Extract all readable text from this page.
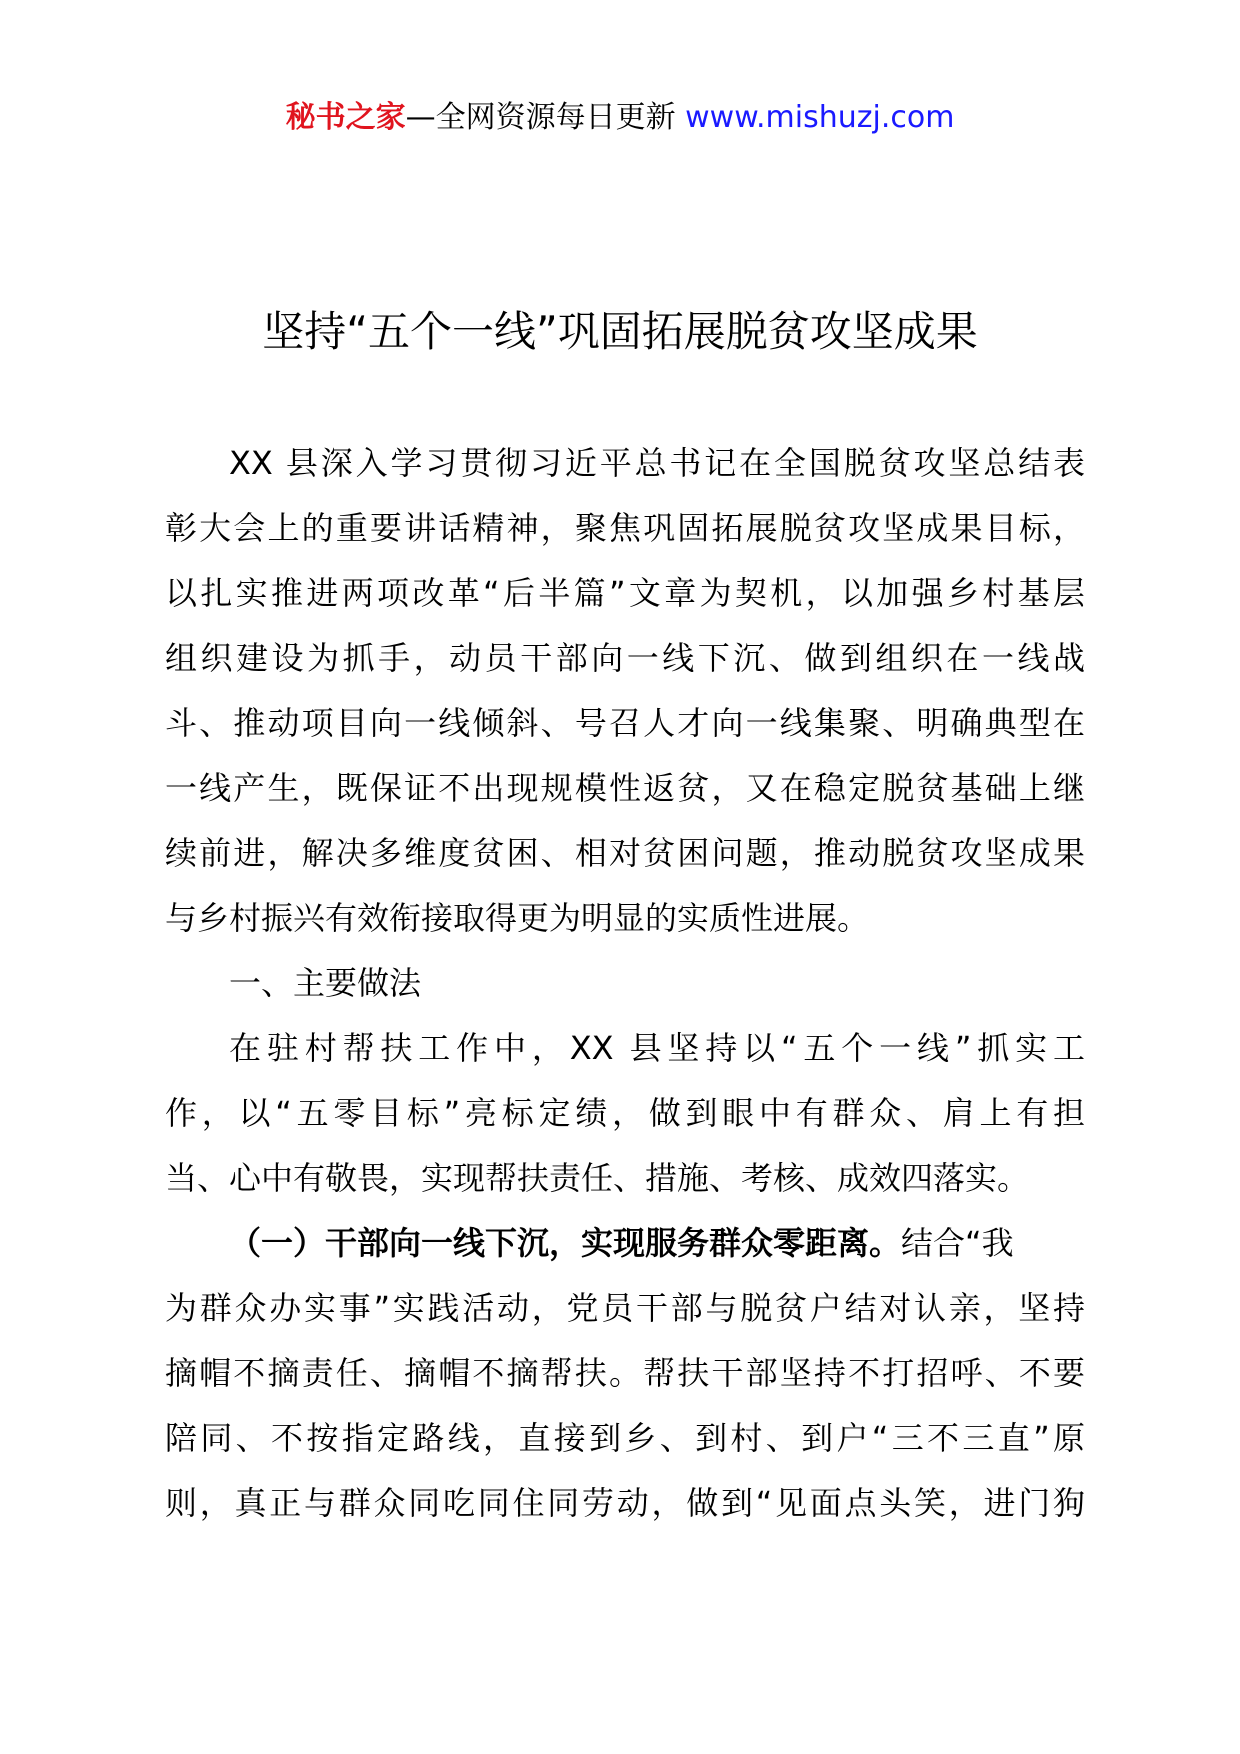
秘书之家—全网资源每日更新 www.mishuzj.com
坚持“五个一线”巩固拓展脱贫攻坚成果
XX 县深入学习贯彻习近平总书记在全国脱贫攻坚总结表
彰大会上的重要讲话精神，聚焦巩固拓展脱贫攻坚成果目标，
以扎实推进两项改革“后半篇”文章为契机，以加强乡村基层
组织建设为抓手，动员干部向一线下沉、做到组织在一线战
斗、推动项目向一线倾斜、号召人才向一线集聚、明确典型在
一线产生，既保证不出现规模性返贫，又在稳定脱贫基础上继
续前进，解决多维度贫困、相对贫困问题，推动脱贫攻坚成果
与乡村振兴有效衔接取得更为明显的实质性进展。
一、主要做法
在驻村帮扶工作中，XX 县坚持以“五个一线”抓实工
作，以“五零目标”亮标定绩，做到眼中有群众、肩上有担
当、心中有敬畏，实现帮扶责任、措施、考核、成效四落实。
（一）干部向一线下沉，实现服务群众零距离。结合“我
为群众办实事”实践活动，党员干部与脱贫户结对认亲，坚持
摘帽不摘责任、摘帽不摘帮扶。帮扶干部坚持不打招呼、不要
陪同、不按指定路线，直接到乡、到村、到户“三不三直”原
则，真正与群众同吃同住同劳动，做到“见面点头笑，进门狗
